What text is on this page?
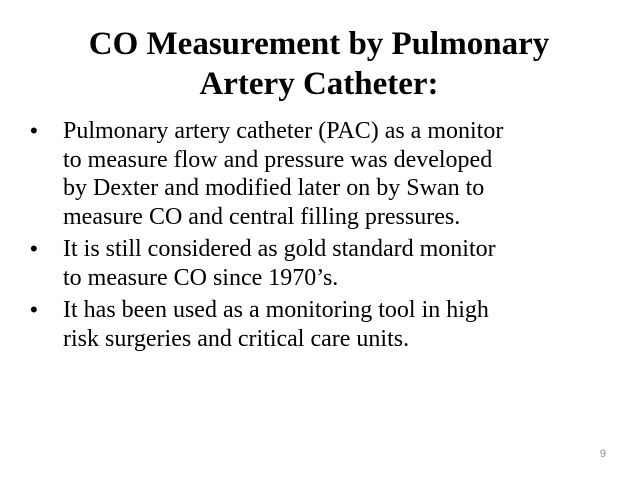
CO Measurement by Pulmonary
Artery Catheter:
• Pulmonary artery catheter (PAC) as a monitor
to measure flow and pressure was developed
by Dexter and modified later on by Swan to
measure CO and central filling pressures.
• It is still considered as gold standard monitor
to measure CO since 1970’s.
• It has been used as a monitoring tool in high
risk surgeries and critical care units.
9
